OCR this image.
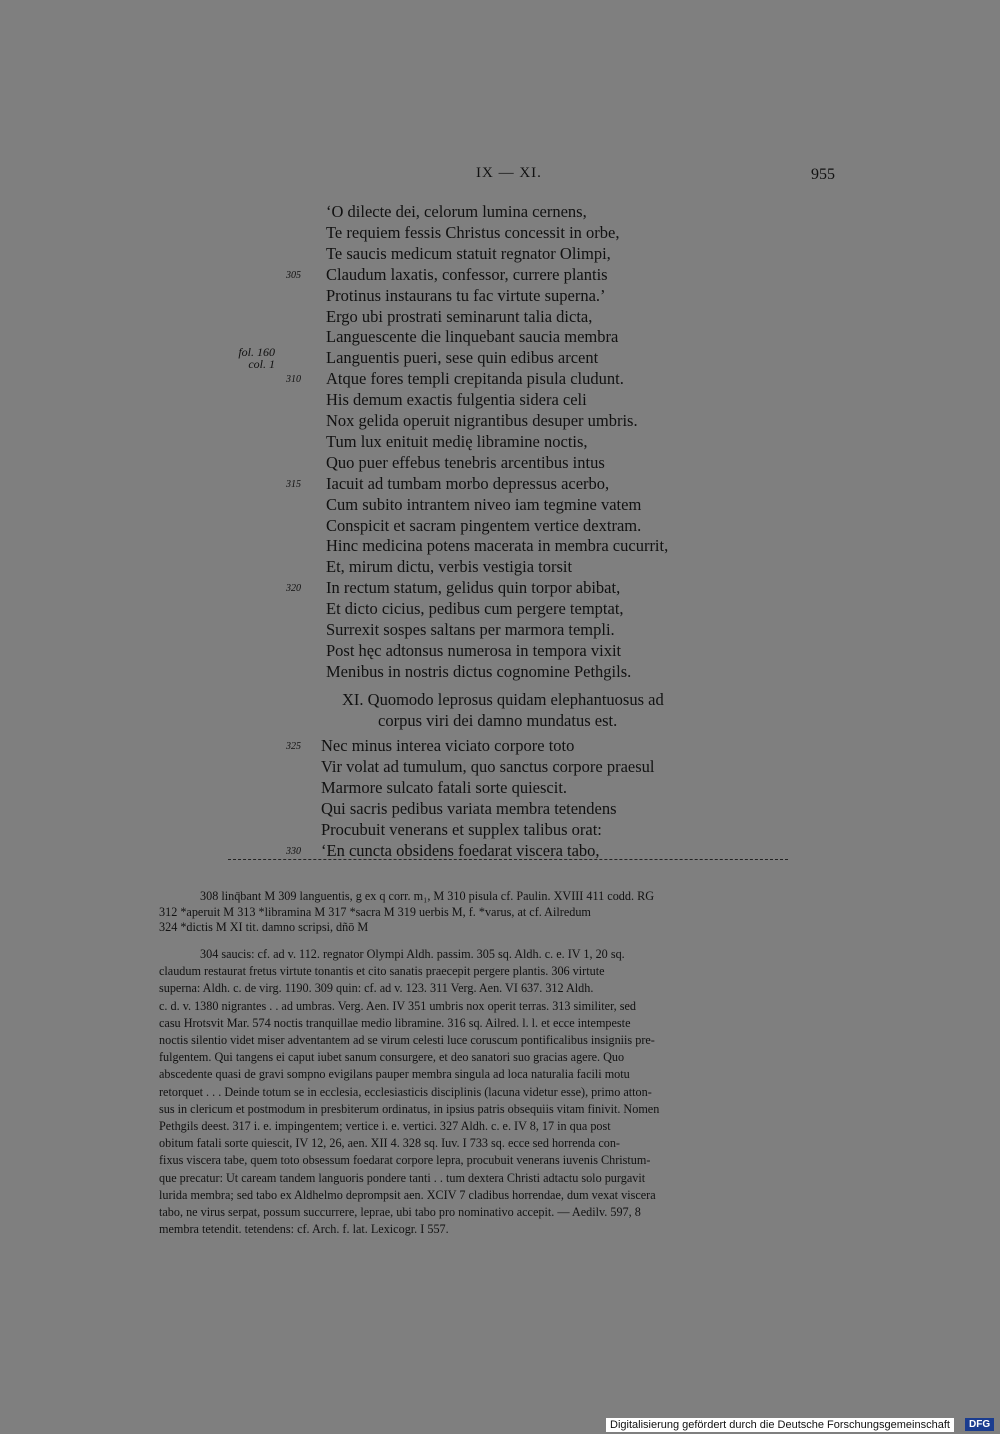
IX — XI.	955
fol. 160
col. 1
‘O dilecte dei, celorum lumina cernens,
Te requiem fessis Christus concessit in orbe,
Te saucis medicum statuit regnator Olimpi,
Claudum laxatis, confessor, currere plantis
305
Protinus instaurans tu fac virtute superna.’
Ergo ubi prostrati seminarunt talia dicta,
Languescente die linquebant saucia membra
Languentis pueri, sese quin edibus arcent
Atque fores templi crepitanda pisula cludunt.
310
His demum exactis fulgentia sidera celi
Nox gelida operuit nigrantibus desuper umbris.
Tum lux enituit medię libramine noctis,
Quo puer effebus tenebris arcentibus intus
Iacuit ad tumbam morbo depressus acerbo,
315
Cum subito intrantem niveo iam tegmine vatem
Conspicit et sacram pingentem vertice dextram.
Hinc medicina potens macerata in membra cucurrit,
Et, mirum dictu, verbis vestigia torsit
In rectum statum, gelidus quin torpor abibat,
320
Et dicto cicius, pedibus cum pergere temptat,
Surrexit sospes saltans per marmora templi.
Post hęc adtonsus numerosa in tempora vixit
Menibus in nostris dictus cognomine Pethgils.
XI. Quomodo leprosus quidam elephantuosus ad
corpus viri dei damno mundatus est.
Nec minus interea viciato corpore toto
325
Vir volat ad tumulum, quo sanctus corpore praesul
Marmore sulcato fatali sorte quiescit.
Qui sacris pedibus variata membra tetendens
Procubuit venerans et supplex talibus orat:
‘En cuncta obsidens foedarat viscera tabo,
330
308 linq̄bant M 309 languentis, g ex q corr. m₁, M 310 pisula cf. Paulin. XVIII 411 codd. RG
312 *aperuit M 313 *libramina M 317 *sacra M 319 uerbis M, f. *varus, at cf. Ailredum
324 *dictis M XI tit. damno scripsi, dñō M
304 saucis: cf. ad v. 112. regnator Olympi Aldh. passim. 305 sq. Aldh. c. e. IV 1, 20 sq.
claudum restaurat fretus virtute tonantis et cito sanatis praecepit pergere plantis. 306 virtute
superna: Aldh. c. de virg. 1190. 309 quin: cf. ad v. 123. 311 Verg. Aen. VI 637. 312 Aldh.
c. d. v. 1380 nigrantes . . ad umbras. Verg. Aen. IV 351 umbris nox operit terras. 313 similiter, sed
casu Hrotsvit Mar. 574 noctis tranquillae medio libramine. 316 sq. Ailred. l. l. et ecce intempeste
noctis silentio videt miser adventantem ad se virum celesti luce coruscum pontificalibus insigniis pre-
fulgentem. Qui tangens ei caput iubet sanum consurgere, et deo sanatori suo gracias agere. Quo
abscedente quasi de gravi sompno evigilans pauper membra singula ad loca naturalia facili motu
retorquet . . . Deinde totum se in ecclesia, ecclesiasticis disciplinis (lacuna videtur esse), primo atton-
sus in clericum et postmodum in presbiterum ordinatus, in ipsius patris obsequiis vitam finivit. Nomen
Pethgils deest. 317 i. e. impingentem; vertice i. e. vertici. 327 Aldh. c. e. IV 8, 17 in qua post
obitum fatali sorte quiescit, IV 12, 26, aen. XII 4. 328 sq. Iuv. I 733 sq. ecce sed horrenda con-
fixus viscera tabe, quem toto obsessum foedarat corpore lepra, procubuit venerans iuvenis Christum-
que precatur: Ut caream tandem languoris pondere tanti . . tum dextera Christi adtactu solo purgavit
lurida membra; sed tabo ex Aldhelmo deprompsit aen. XCIV 7 cladibus horrendae, dum vexat viscera
tabo, ne virus serpat, possum succurrere, leprae, ubi tabo pro nominativo accepit. — Aedilv. 597, 8
membra tetendit. tetendens: cf. Arch. f. lat. Lexicogr. I 557.
Digitalisierung gefördert durch die Deutsche Forschungsgemeinschaft	DFG
